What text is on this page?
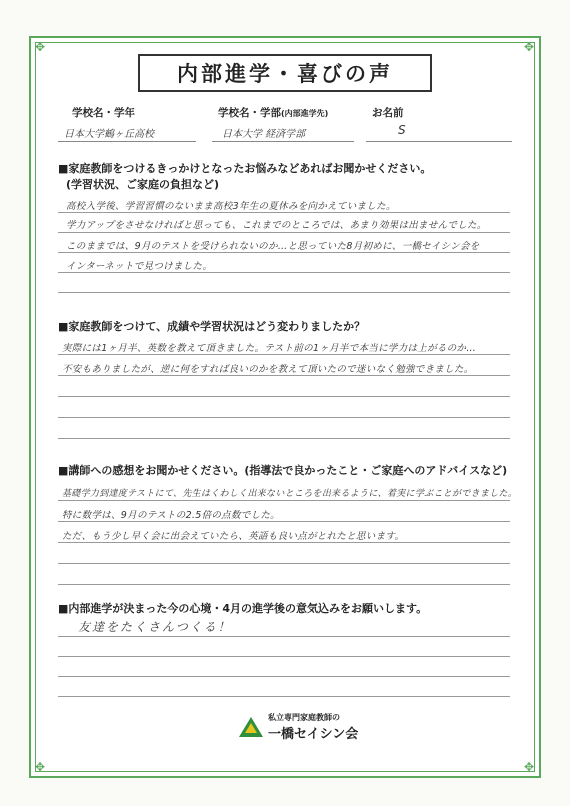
✥	✥
✥	✥
内部進学・喜びの声
学校名・学年
日本大学鶴ヶ丘高校
学校名・学部(内部進学先)
日本大学 経済学部
お名前
S
■家庭教師をつけるきっかけとなったお悩みなどあればお聞かせください。
(学習状況、ご家庭の負担など)
高校入学後、学習習慣のないまま高校3年生の夏休みを向かえていました。
学力アップをさせなければと思っても、これまでのところでは、あまり効果は出ませんでした。
このままでは、9月のテストを受けられないのか…と思っていた8月初めに、一橋セイシン会を
インターネットで見つけました。
■家庭教師をつけて、成績や学習状況はどう変わりましたか？
実際には1ヶ月半、英数を教えて頂きました。テスト前の1ヶ月半で本当に学力は上がるのか…
不安もありましたが、逆に何をすれば良いのかを教えて頂いたので迷いなく勉強できました。
■講師への感想をお聞かせください。(指導法で良かったこと・ご家庭へのアドバイスなど)
基礎学力到達度テストにて、先生はくわしく出来ないところを出来るように、着実に学ぶことができました。
特に数学は、9月のテストの2.5倍の点数でした。
ただ、もう少し早く会に出会えていたら、英語も良い点がとれたと思います。
■内部進学が決まった今の心境・4月の進学後の意気込みをお願いします。
友達をたくさんつくる！
私立専門家庭教師の
一橋セイシン会
